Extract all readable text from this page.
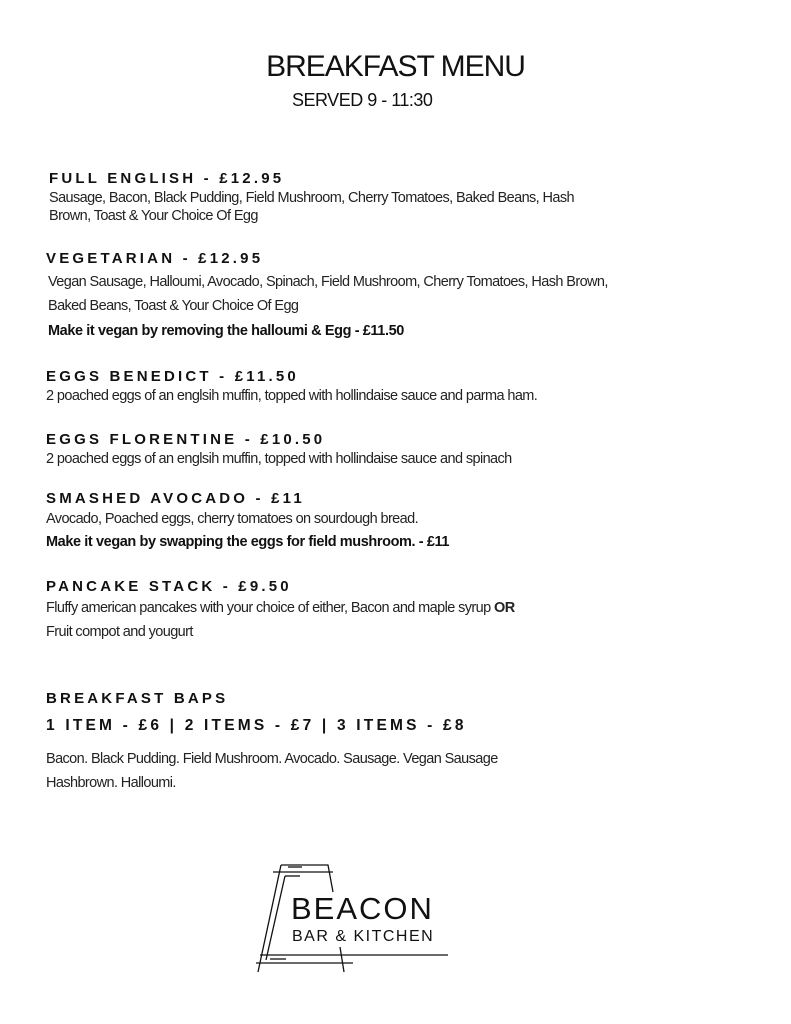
BREAKFAST MENU
SERVED 9 - 11:30
FULL ENGLISH - £12.95
Sausage, Bacon, Black Pudding, Field Mushroom, Cherry Tomatoes, Baked Beans, Hash
Brown, Toast & Your Choice Of Egg
VEGETARIAN - £12.95
Vegan Sausage, Halloumi, Avocado, Spinach, Field Mushroom, Cherry Tomatoes, Hash Brown,
Baked Beans, Toast & Your Choice Of Egg
Make it vegan by removing the halloumi & Egg - £11.50
EGGS BENEDICT - £11.50
2 poached eggs of an englsih muffin, topped with hollindaise sauce and parma ham.
EGGS FLORENTINE - £10.50
2 poached eggs of an englsih muffin, topped with hollindaise sauce and spinach
SMASHED AVOCADO - £11
Avocado, Poached eggs, cherry tomatoes on sourdough bread.
Make it vegan by swapping the eggs for field mushroom. - £11
PANCAKE STACK - £9.50
Fluffy american pancakes with your choice of either, Bacon and maple syrup OR
Fruit compot and yougurt
BREAKFAST BAPS
1 ITEM - £6 | 2 ITEMS - £7 | 3 ITEMS - £8
Bacon. Black Pudding. Field Mushroom. Avocado. Sausage. Vegan Sausage
Hashbrown. Halloumi.
BEACON
BAR & KITCHEN
